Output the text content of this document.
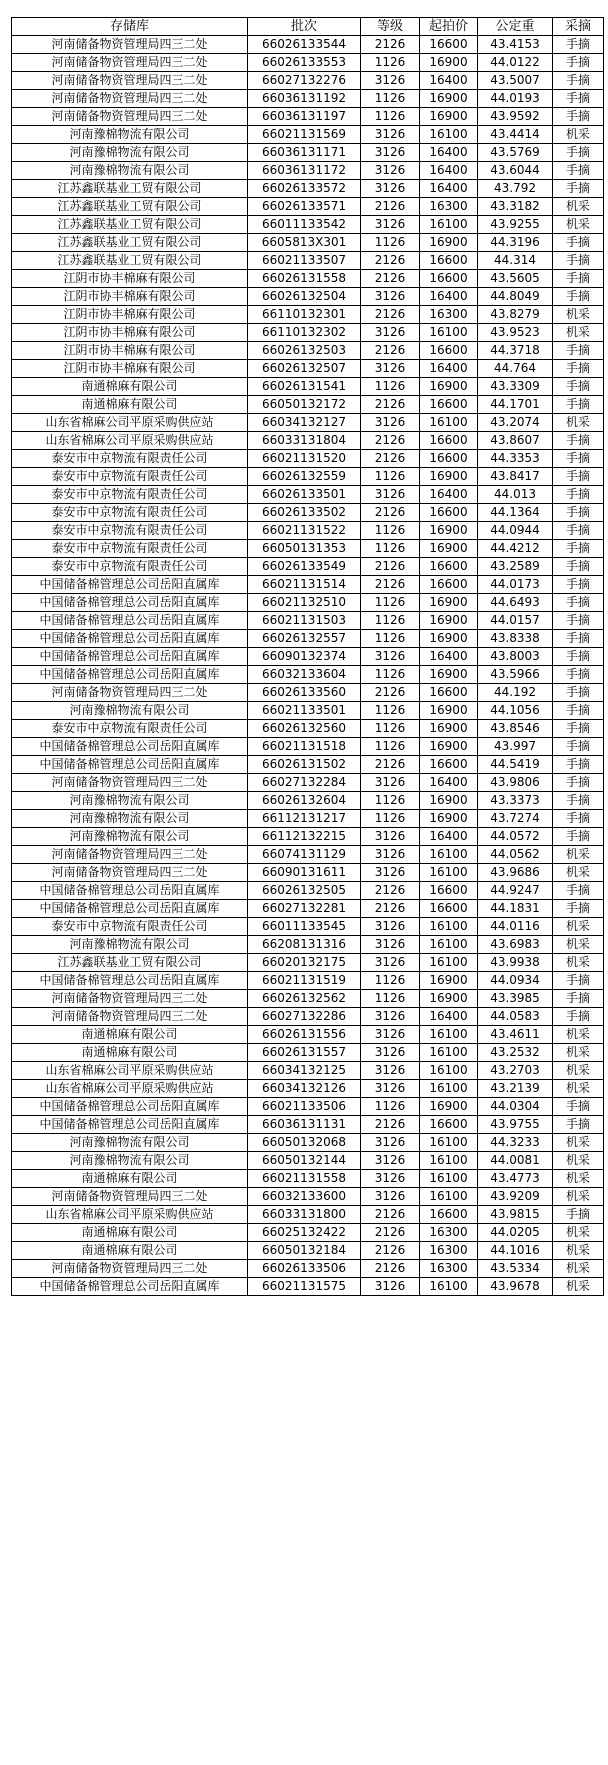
存储库	批次	等级	起拍价	公定重	采摘
河南储备物资管理局四三二处	66026133544	2126	16600	43.4153	手摘
河南储备物资管理局四三二处	66026133553	1126	16900	44.0122	手摘
河南储备物资管理局四三二处	66027132276	3126	16400	43.5007	手摘
河南储备物资管理局四三二处	66036131192	1126	16900	44.0193	手摘
河南储备物资管理局四三二处	66036131197	1126	16900	43.9592	手摘
河南豫棉物流有限公司	66021131569	3126	16100	43.4414	机采
河南豫棉物流有限公司	66036131171	3126	16400	43.5769	手摘
河南豫棉物流有限公司	66036131172	3126	16400	43.6044	手摘
江苏鑫联基业工贸有限公司	66026133572	3126	16400	43.792	手摘
江苏鑫联基业工贸有限公司	66026133571	2126	16300	43.3182	机采
江苏鑫联基业工贸有限公司	66011133542	3126	16100	43.9255	机采
江苏鑫联基业工贸有限公司	6605813X301	1126	16900	44.3196	手摘
江苏鑫联基业工贸有限公司	66021133507	2126	16600	44.314	手摘
江阴市协丰棉麻有限公司	66026131558	2126	16600	43.5605	手摘
江阴市协丰棉麻有限公司	66026132504	3126	16400	44.8049	手摘
江阴市协丰棉麻有限公司	66110132301	2126	16300	43.8279	机采
江阴市协丰棉麻有限公司	66110132302	3126	16100	43.9523	机采
江阴市协丰棉麻有限公司	66026132503	2126	16600	44.3718	手摘
江阴市协丰棉麻有限公司	66026132507	3126	16400	44.764	手摘
南通棉麻有限公司	66026131541	1126	16900	43.3309	手摘
南通棉麻有限公司	66050132172	2126	16600	44.1701	手摘
山东省棉麻公司平原采购供应站	66034132127	3126	16100	43.2074	机采
山东省棉麻公司平原采购供应站	66033131804	2126	16600	43.8607	手摘
泰安市中京物流有限责任公司	66021131520	2126	16600	44.3353	手摘
泰安市中京物流有限责任公司	66026132559	1126	16900	43.8417	手摘
泰安市中京物流有限责任公司	66026133501	3126	16400	44.013	手摘
泰安市中京物流有限责任公司	66026133502	2126	16600	44.1364	手摘
泰安市中京物流有限责任公司	66021131522	1126	16900	44.0944	手摘
泰安市中京物流有限责任公司	66050131353	1126	16900	44.4212	手摘
泰安市中京物流有限责任公司	66026133549	2126	16600	43.2589	手摘
中国储备棉管理总公司岳阳直属库	66021131514	2126	16600	44.0173	手摘
中国储备棉管理总公司岳阳直属库	66021132510	1126	16900	44.6493	手摘
中国储备棉管理总公司岳阳直属库	66021131503	1126	16900	44.0157	手摘
中国储备棉管理总公司岳阳直属库	66026132557	1126	16900	43.8338	手摘
中国储备棉管理总公司岳阳直属库	66090132374	3126	16400	43.8003	手摘
中国储备棉管理总公司岳阳直属库	66032133604	1126	16900	43.5966	手摘
河南储备物资管理局四三二处	66026133560	2126	16600	44.192	手摘
河南豫棉物流有限公司	66021133501	1126	16900	44.1056	手摘
泰安市中京物流有限责任公司	66026132560	1126	16900	43.8546	手摘
中国储备棉管理总公司岳阳直属库	66021131518	1126	16900	43.997	手摘
中国储备棉管理总公司岳阳直属库	66026131502	2126	16600	44.5419	手摘
河南储备物资管理局四三二处	66027132284	3126	16400	43.9806	手摘
河南豫棉物流有限公司	66026132604	1126	16900	43.3373	手摘
河南豫棉物流有限公司	66112131217	1126	16900	43.7274	手摘
河南豫棉物流有限公司	66112132215	3126	16400	44.0572	手摘
河南储备物资管理局四三二处	66074131129	3126	16100	44.0562	机采
河南储备物资管理局四三二处	66090131611	3126	16100	43.9686	机采
中国储备棉管理总公司岳阳直属库	66026132505	2126	16600	44.9247	手摘
中国储备棉管理总公司岳阳直属库	66027132281	2126	16600	44.1831	手摘
泰安市中京物流有限责任公司	66011133545	3126	16100	44.0116	机采
河南豫棉物流有限公司	66208131316	3126	16100	43.6983	机采
江苏鑫联基业工贸有限公司	66020132175	3126	16100	43.9938	机采
中国储备棉管理总公司岳阳直属库	66021131519	1126	16900	44.0934	手摘
河南储备物资管理局四三二处	66026132562	1126	16900	43.3985	手摘
河南储备物资管理局四三二处	66027132286	3126	16400	44.0583	手摘
南通棉麻有限公司	66026131556	3126	16100	43.4611	机采
南通棉麻有限公司	66026131557	3126	16100	43.2532	机采
山东省棉麻公司平原采购供应站	66034132125	3126	16100	43.2703	机采
山东省棉麻公司平原采购供应站	66034132126	3126	16100	43.2139	机采
中国储备棉管理总公司岳阳直属库	66021133506	1126	16900	44.0304	手摘
中国储备棉管理总公司岳阳直属库	66036131131	2126	16600	43.9755	手摘
河南豫棉物流有限公司	66050132068	3126	16100	44.3233	机采
河南豫棉物流有限公司	66050132144	3126	16100	44.0081	机采
南通棉麻有限公司	66021131558	3126	16100	43.4773	机采
河南储备物资管理局四三二处	66032133600	3126	16100	43.9209	机采
山东省棉麻公司平原采购供应站	66033131800	2126	16600	43.9815	手摘
南通棉麻有限公司	66025132422	2126	16300	44.0205	机采
南通棉麻有限公司	66050132184	2126	16300	44.1016	机采
河南储备物资管理局四三二处	66026133506	2126	16300	43.5334	机采
中国储备棉管理总公司岳阳直属库	66021131575	3126	16100	43.9678	机采
